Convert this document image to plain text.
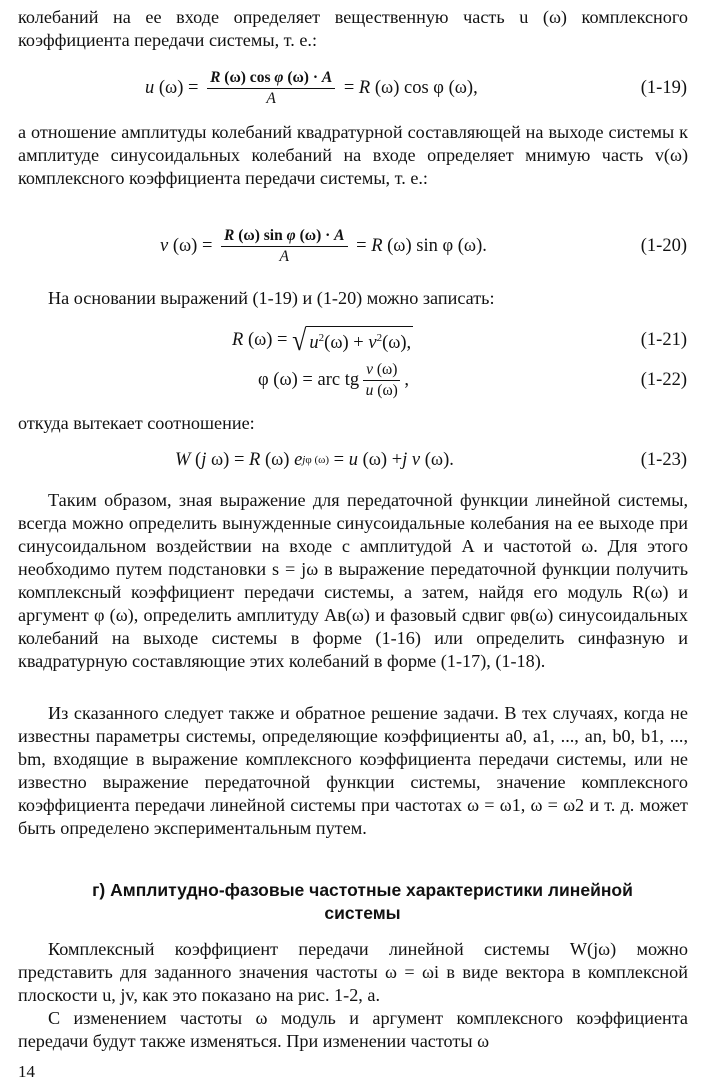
колебаний на ее входе определяет вещественную часть u (ω) комплексного коэффициента передачи системы, т. е.:
u $(\omega) = \frac{\text{R (ω) cos φ (ω) · A}}{A} = R$ (ω) cos φ (ω),	(1-19)
а отношение амплитуды колебаний квадратурной составляющей на выходе системы к амплитуде синусоидальных колебаний на входе определяет мнимую часть v(ω) комплексного коэффициента передачи системы, т. е.:
v $(\omega) = \frac{\text{R (ω) sin φ (ω) · A}}{A} = R$ (ω) sin φ (ω).	(1-20)
На основании выражений (1-19) и (1-20) можно записать:
R (ω) = √ $u^2(\omega) + v^2(\omega)$,	(1-21)
φ (ω) = arc tg $\frac{v (\omega)}{u (\omega)}$ ,	(1-22)
откуда вытекает соотношение:
W ( j ω) = R (ω) e jφ (ω) = u (ω) + j
v (ω).	(1-23)
Таким образом, зная выражение для передаточной функции линейной системы, всегда можно определить вынужденные синусоидальные колебания на ее выходе при синусоидальном воздействии на входе с амплитудой A и частотой ω. Для этого необходимо путем подстановки s = jω в выражение передаточной функции получить комплексный коэффициент передачи системы, а затем, найдя его модуль R(ω) и аргумент φ (ω), определить амплитуду Aв(ω) и фазовый сдвиг φв(ω) синусоидальных колебаний на выходе системы в форме (1-16) или определить синфазную и квадратурную составляющие этих колебаний в форме (1-17), (1-18).
Из сказанного следует также и обратное решение задачи. В тех случаях, когда не известны параметры системы, определяющие коэффициенты a0, a1, ..., an, b0, b1, ..., bm, входящие в выражение комплексного коэффициента передачи системы, или не известно выражение передаточной функции системы, значение комплексного коэффициента передачи линейной системы при частотах ω = ω1, ω = ω2 и т. д. может быть определено экспериментальным путем.
г) Амплитудно-фазовые частотные характеристики линейной
системы
Комплексный коэффициент передачи линейной системы W(jω) можно представить для заданного значения частоты ω = ωi в виде вектора в комплексной плоскости u, jv, как это показано на рис. 1-2, а.
С изменением частоты ω модуль и аргумент комплексного коэффициента передачи будут также изменяться. При изменении частоты ω
14
